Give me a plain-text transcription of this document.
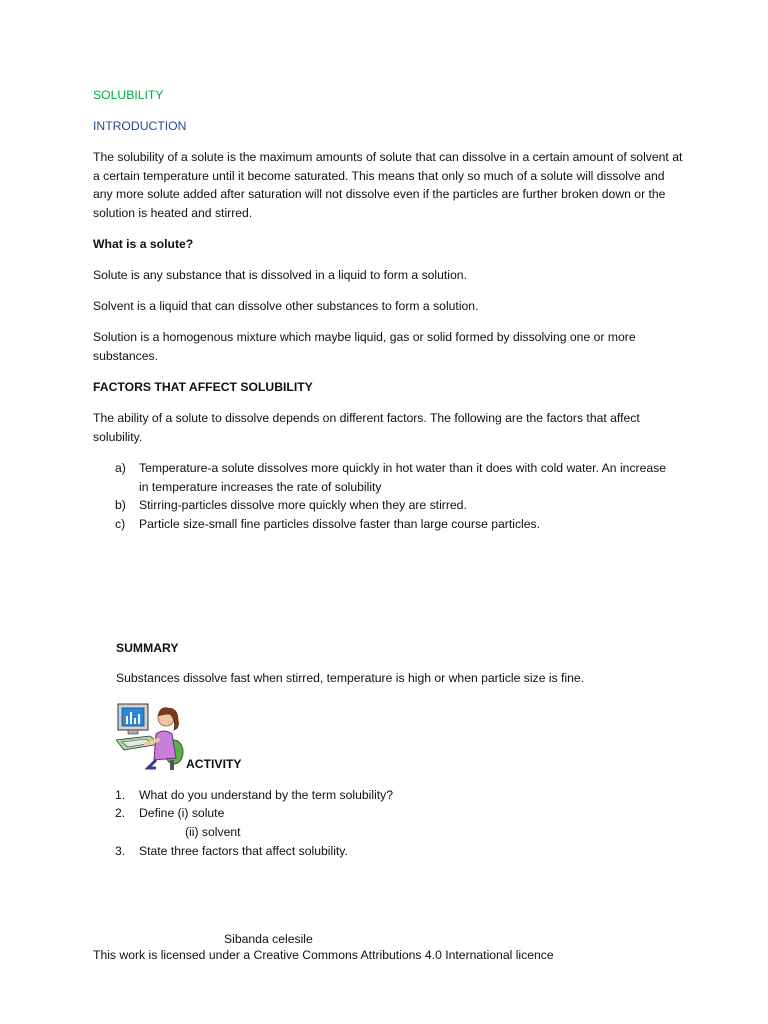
SOLUBILITY

INTRODUCTION

The solubility of a solute is the maximum amounts of solute that can dissolve in a certain amount of solvent at a certain temperature until it become saturated. This means that only so much of a solute will dissolve and any more solute added after saturation will not dissolve even if the particles are further broken down or the solution is heated and stirred.

What is a solute?

Solute is any substance that is dissolved in a liquid to form a solution.

Solvent is a liquid that can dissolve other substances to form a solution.

Solution is a homogenous mixture which maybe liquid, gas or solid formed by dissolving one or more substances.

FACTORS THAT AFFECT SOLUBILITY

The ability of a solute to dissolve depends on different factors. The following are the factors that affect solubility.

a)	Temperature-a solute dissolves more quickly in hot water than it does with cold water. An increase in temperature increases the rate of solubility
b)	Stirring-particles dissolve more quickly when they are stirred.
c)	Particle size-small fine particles dissolve faster than large course particles.

SUMMARY

Substances dissolve fast when stirred, temperature is high or when particle size is fine.

ACTIVITY
1.	What do you understand by the term solubility?
2.	Define (i) solute
(ii) solvent
3.	State three factors that affect solubility.
Sibanda celesile
This work is licensed under a Creative Commons Attributions 4.0 International licence
